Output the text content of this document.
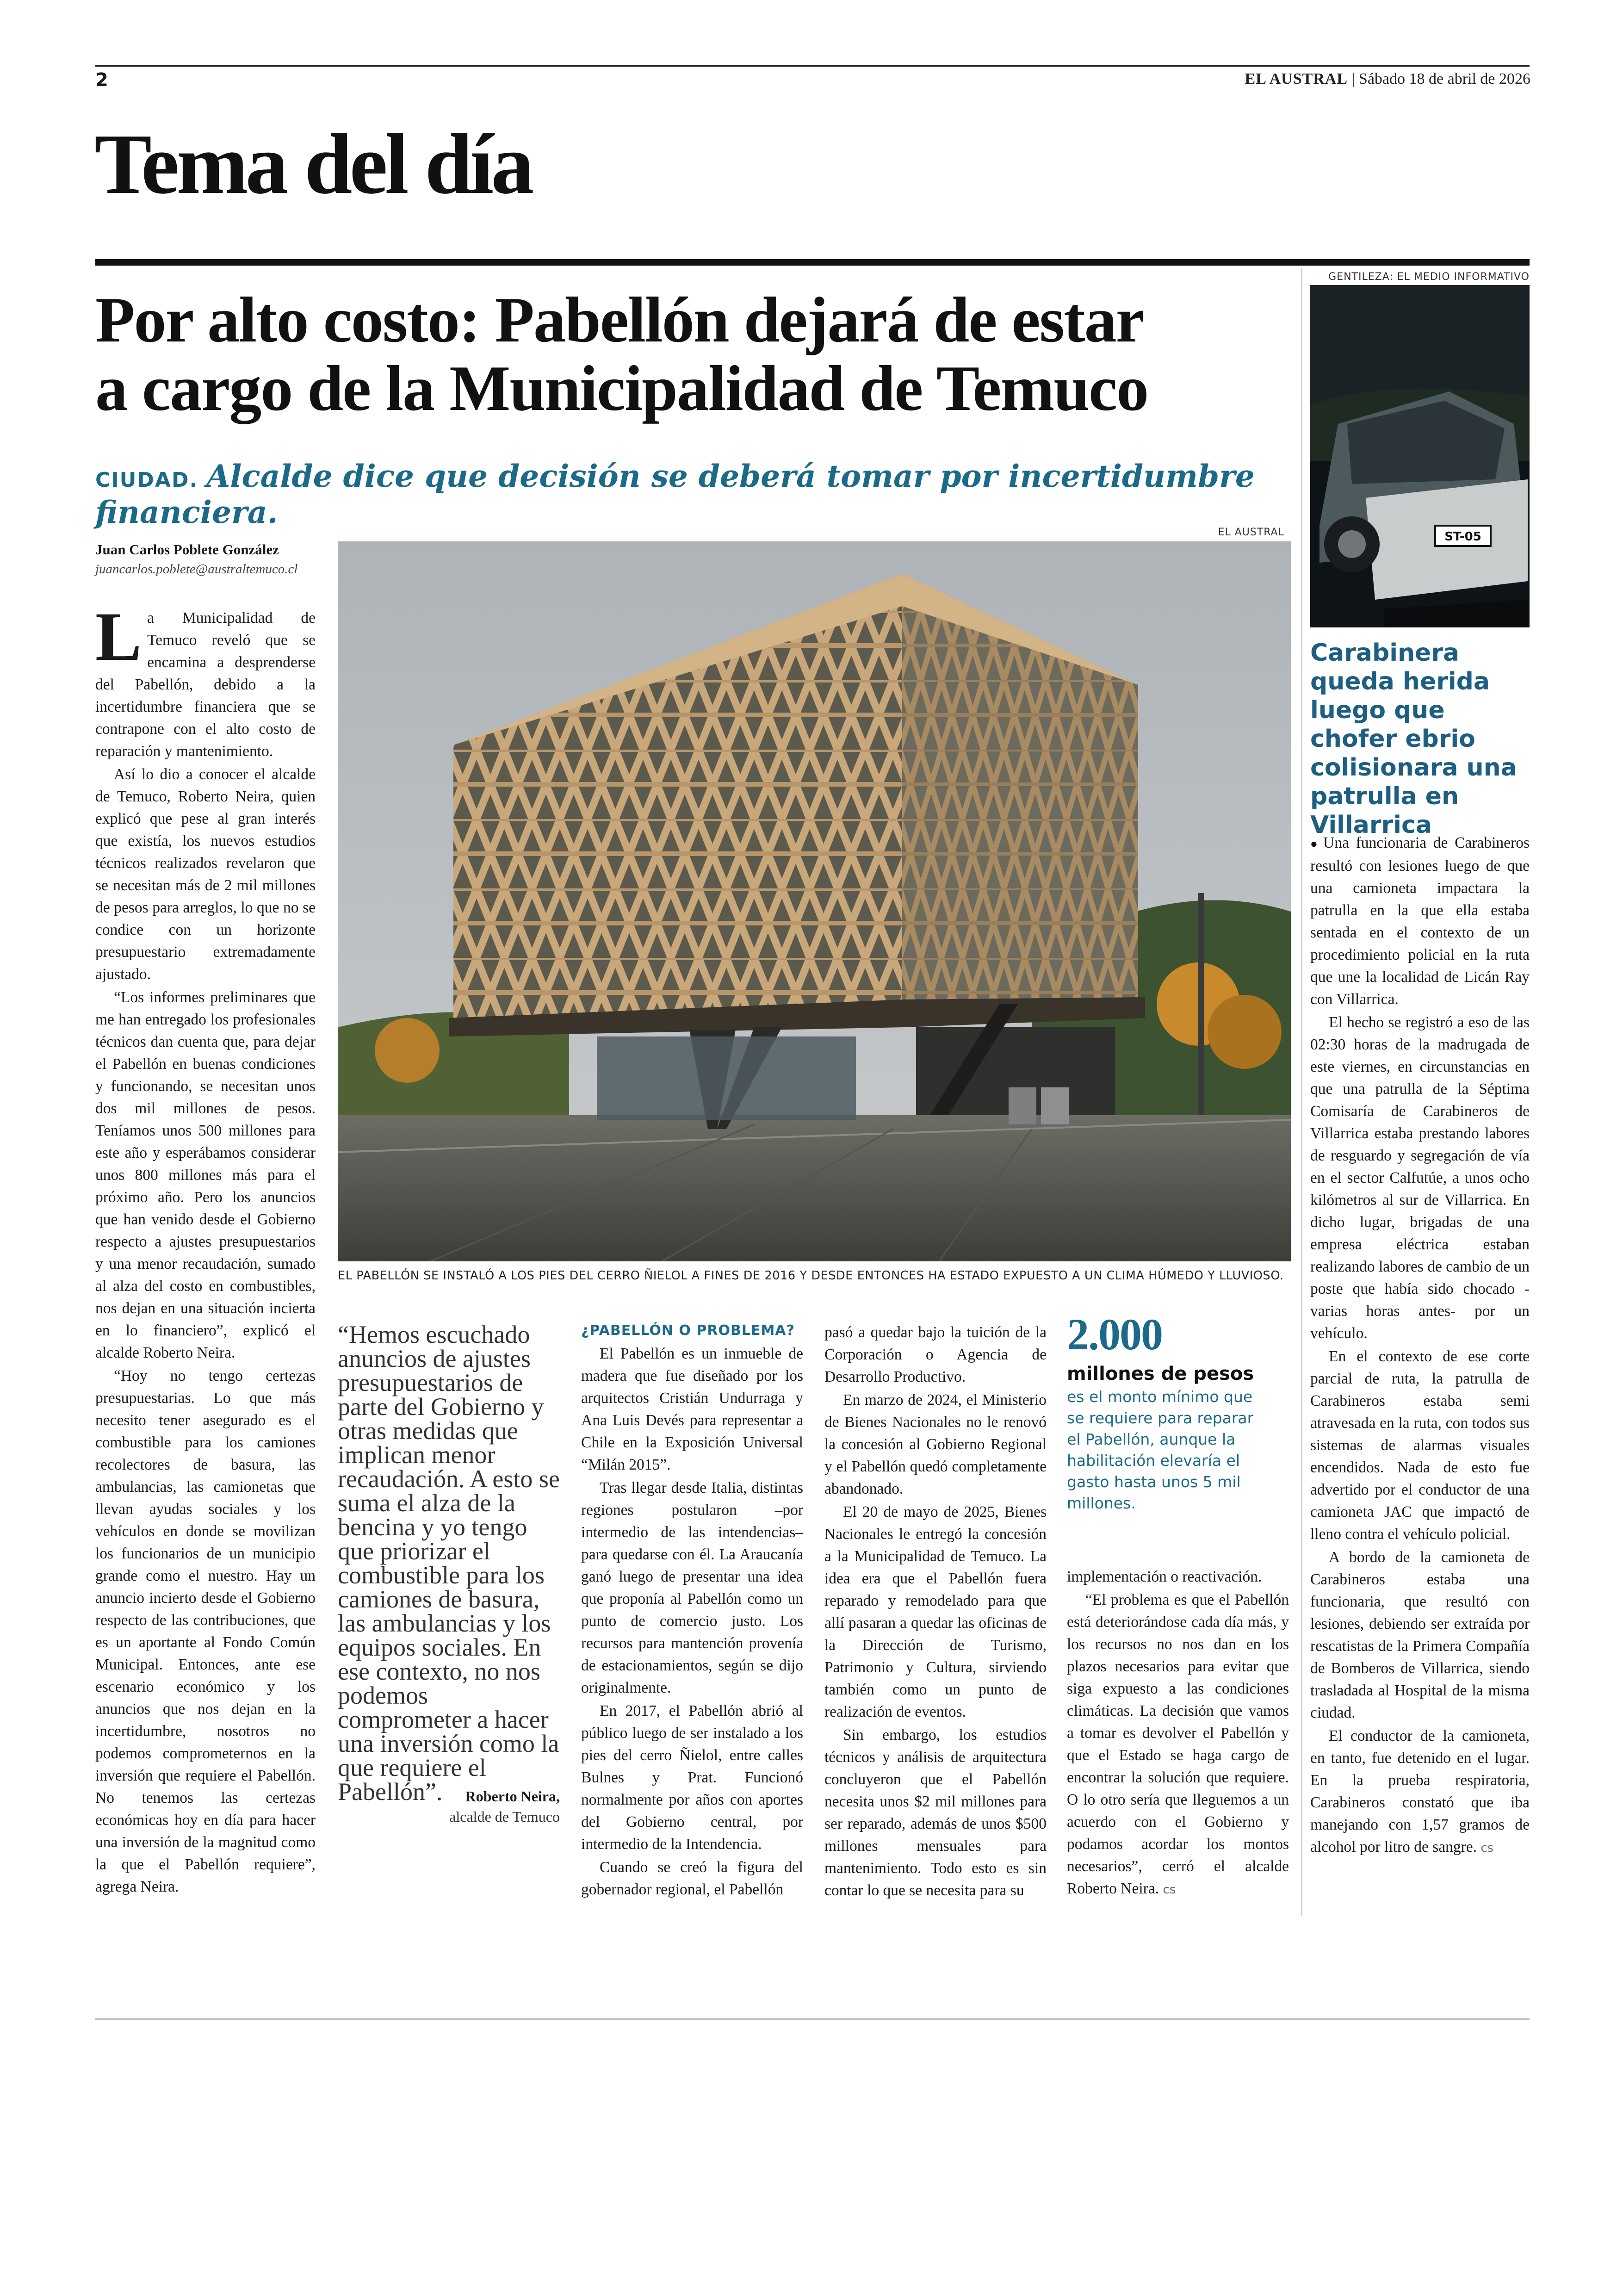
2	EL AUSTRAL | Sábado 18 de abril de 2026
Tema del día
Por alto costo: Pabellón dejará de estar
a cargo de la Municipalidad de Temuco
CIUDAD. Alcalde dice que decisión se deberá tomar por incertidumbre financiera.
Juan Carlos Poblete González
juancarlos.poblete@australtemuco.cl

La Municipalidad de Temuco reveló que se encamina a desprenderse del Pabellón, debido a la incertidumbre financiera que se contrapone con el alto costo de reparación y mantenimiento.

Así lo dio a conocer el alcalde de Temuco, Roberto Neira, quien explicó que pese al gran interés que existía, los nuevos estudios técnicos realizados revelaron que se necesitan más de 2 mil millones de pesos para arreglos, lo que no se condice con un horizonte presupuestario extremadamente ajustado.

“Los informes preliminares que me han entregado los profesionales técnicos dan cuenta que, para dejar el Pabellón en buenas condiciones y funcionando, se necesitan unos dos mil millones de pesos. Teníamos unos 500 millones para este año y esperábamos considerar unos 800 millones más para el próximo año. Pero los anuncios que han venido desde el Gobierno respecto a ajustes presupuestarios y una menor recaudación, sumado al alza del costo en combustibles, nos dejan en una situación incierta en lo financiero”, explicó el alcalde Roberto Neira.

“Hoy no tengo certezas presupuestarias. Lo que más necesito tener asegurado es el combustible para los camiones recolectores de basura, las ambulancias, las camionetas que llevan ayudas sociales y los vehículos en donde se movilizan los funcionarios de un municipio grande como el nuestro. Hay un anuncio incierto desde el Gobierno respecto de las contribuciones, que es un aportante al Fondo Común Municipal. Entonces, ante ese escenario económico y los anuncios que nos dejan en la incertidumbre, nosotros no podemos comprometernos en la inversión que requiere el Pabellón. No tenemos las certezas económicas hoy en día para hacer una inversión de la magnitud como la que el Pabellón requiere”, agrega Neira.

EL AUSTRAL
EL PABELLÓN SE INSTALÓ A LOS PIES DEL CERRO ÑIELOL A FINES DE 2016 Y DESDE ENTONCES HA ESTADO EXPUESTO A UN CLIMA HÚMEDO Y LLUVIOSO.
“Hemos escuchado anuncios de ajustes presupuestarios de parte del Gobierno y otras medidas que implican menor recaudación. A esto se suma el alza de la bencina y yo tengo que priorizar el combustible para los camiones de basura, las ambulancias y los equipos sociales. En ese contexto, no nos podemos comprometer a hacer una inversión como la que requiere el Pabellón”.	Roberto Neira,
alcalde de Temuco
¿PABELLÓN O PROBLEMA?

El Pabellón es un inmueble de madera que fue diseñado por los arquitectos Cristián Undurraga y Ana Luis Devés para representar a Chile en la Exposición Universal “Milán 2015”.

Tras llegar desde Italia, distintas regiones postularon –por intermedio de las intendencias– para quedarse con él. La Araucanía ganó luego de presentar una idea que proponía al Pabellón como un punto de comercio justo. Los recursos para mantención provenía de estacionamientos, según se dijo originalmente.

En 2017, el Pabellón abrió al público luego de ser instalado a los pies del cerro Ñielol, entre calles Bulnes y Prat. Funcionó normalmente por años con aportes del Gobierno central, por intermedio de la Intendencia.

Cuando se creó la figura del gobernador regional, el Pabellón

pasó a quedar bajo la tuición de la Corporación o Agencia de Desarrollo Productivo.

En marzo de 2024, el Ministerio de Bienes Nacionales no le renovó la concesión al Gobierno Regional y el Pabellón quedó completamente abandonado.

El 20 de mayo de 2025, Bienes Nacionales le entregó la concesión a la Municipalidad de Temuco. La idea era que el Pabellón fuera reparado y remodelado para que allí pasaran a quedar las oficinas de la Dirección de Turismo, Patrimonio y Cultura, sirviendo también como un punto de realización de eventos.

Sin embargo, los estudios técnicos y análisis de arquitectura concluyeron que el Pabellón necesita unos $2 mil millones para ser reparado, además de unos $500 millones mensuales para mantenimiento. Todo esto es sin contar lo que se necesita para su

2.000
millones de pesos
es el monto mínimo que se requiere para reparar el Pabellón, aunque la habilitación elevaría el gasto hasta unos 5 mil millones.

implementación o reactivación.

“El problema es que el Pabellón está deteriorándose cada día más, y los recursos no nos dan en los plazos necesarios para evitar que siga expuesto a las condiciones climáticas. La decisión que vamos a tomar es devolver el Pabellón y que el Estado se haga cargo de encontrar la solución que requiere. O lo otro sería que lleguemos a un acuerdo con el Gobierno y podamos acordar los montos necesarios”, cerró el alcalde Roberto Neira. cs

GENTILEZA: EL MEDIO INFORMATIVO
ST-05
Carabinera queda herida luego que chofer ebrio colisionara una patrulla en Villarrica

● Una funcionaria de Carabineros resultó con lesiones luego de que una camioneta impactara la patrulla en la que ella estaba sentada en el contexto de un procedimiento policial en la ruta que une la localidad de Licán Ray con Villarrica.

El hecho se registró a eso de las 02:30 horas de la madrugada de este viernes, en circunstancias en que una patrulla de la Séptima Comisaría de Carabineros de Villarrica estaba prestando labores de resguardo y segregación de vía en el sector Calfutúe, a unos ocho kilómetros al sur de Villarrica. En dicho lugar, brigadas de una empresa eléctrica estaban realizando labores de cambio de un poste que había sido chocado -varias horas antes- por un vehículo.

En el contexto de ese corte parcial de ruta, la patrulla de Carabineros estaba semi atravesada en la ruta, con todos sus sistemas de alarmas visuales encendidos. Nada de esto fue advertido por el conductor de una camioneta JAC que impactó de lleno contra el vehículo policial.

A bordo de la camioneta de Carabineros estaba una funcionaria, que resultó con lesiones, debiendo ser extraída por rescatistas de la Primera Compañía de Bomberos de Villarrica, siendo trasladada al Hospital de la misma ciudad.

El conductor de la camioneta, en tanto, fue detenido en el lugar. En la prueba respiratoria, Carabineros constató que iba manejando con 1,57 gramos de alcohol por litro de sangre. cs
